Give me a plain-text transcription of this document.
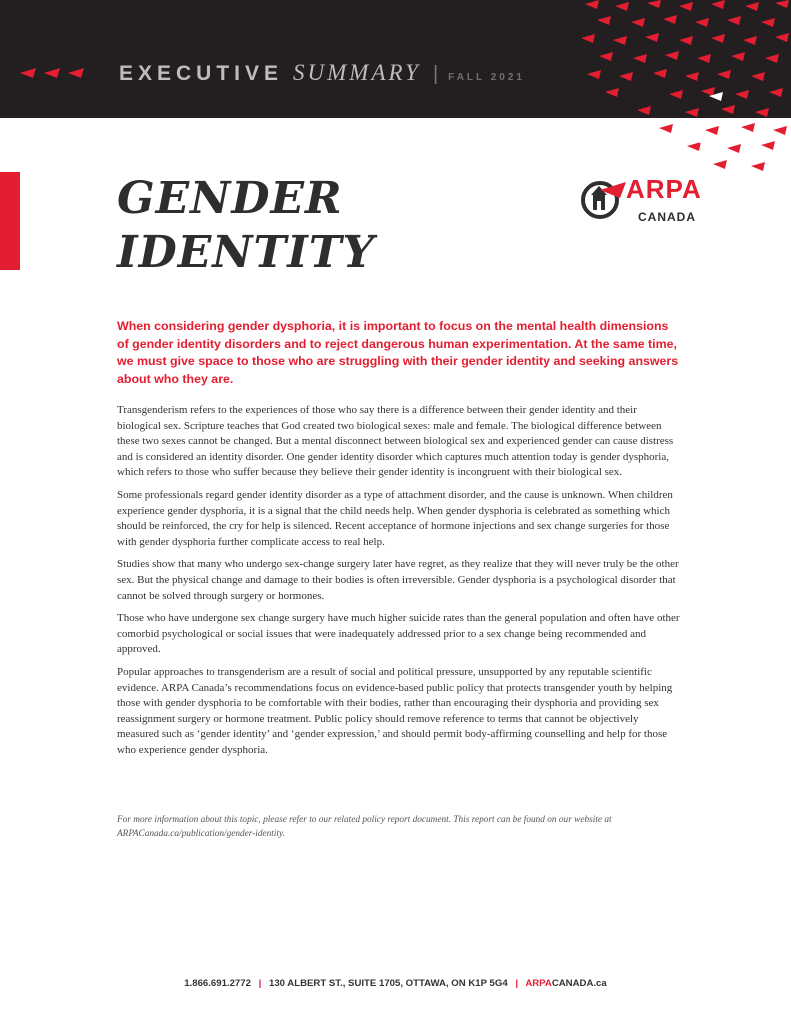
EXECUTIVE SUMMARY | FALL 2021
GENDER
IDENTITY
ARPA
CANADA

When considering gender dysphoria, it is important to focus on the mental health dimensions of gender identity disorders and to reject dangerous human experimentation. At the same time, we must give space to those who are struggling with their gender identity and seeking answers about who they are.

Transgenderism refers to the experiences of those who say there is a difference between their gender identity and their biological sex. Scripture teaches that God created two biological sexes: male and female. The biological difference between these two sexes cannot be changed. But a mental disconnect between biological sex and experienced gender can cause distress and is considered an identity disorder. One gender identity disorder which captures much attention today is gender dysphoria, which refers to those who suffer because they believe their gender identity is incongruent with their biological sex.

Some professionals regard gender identity disorder as a type of attachment disorder, and the cause is unknown. When children experience gender dysphoria, it is a signal that the child needs help. When gender dysphoria is celebrated as something which should be reinforced, the cry for help is silenced. Recent acceptance of hormone injections and sex change surgeries for those with gender dysphoria further complicate access to real help.

Studies show that many who undergo sex-change surgery later have regret, as they realize that they will never truly be the other sex. But the physical change and damage to their bodies is often irreversible. Gender dysphoria is a psychological disorder that cannot be solved through surgery or hormones.

Those who have undergone sex change surgery have much higher suicide rates than the general population and often have other comorbid psychological or social issues that were inadequately addressed prior to a sex change being recommended and approved.

Popular approaches to transgenderism are a result of social and political pressure, unsupported by any reputable scientific evidence. ARPA Canada’s recommendations focus on evidence-based public policy that protects transgender youth by helping those with gender dysphoria to be comfortable with their bodies, rather than encouraging their dysphoria and providing sex reassignment surgery or hormone treatment. Public policy should remove reference to terms that cannot be objectively measured such as ‘gender identity’ and ‘gender expression,’ and should permit body-affirming counselling and help for those who experience gender dysphoria.

For more information about this topic, please refer to our related policy report document. This report can be found on our website at ARPACanada.ca/publication/gender-identity.

1.866.691.2772 | 130 ALBERT ST., SUITE 1705, OTTAWA, ON K1P 5G4 | ARPACANADA.ca
